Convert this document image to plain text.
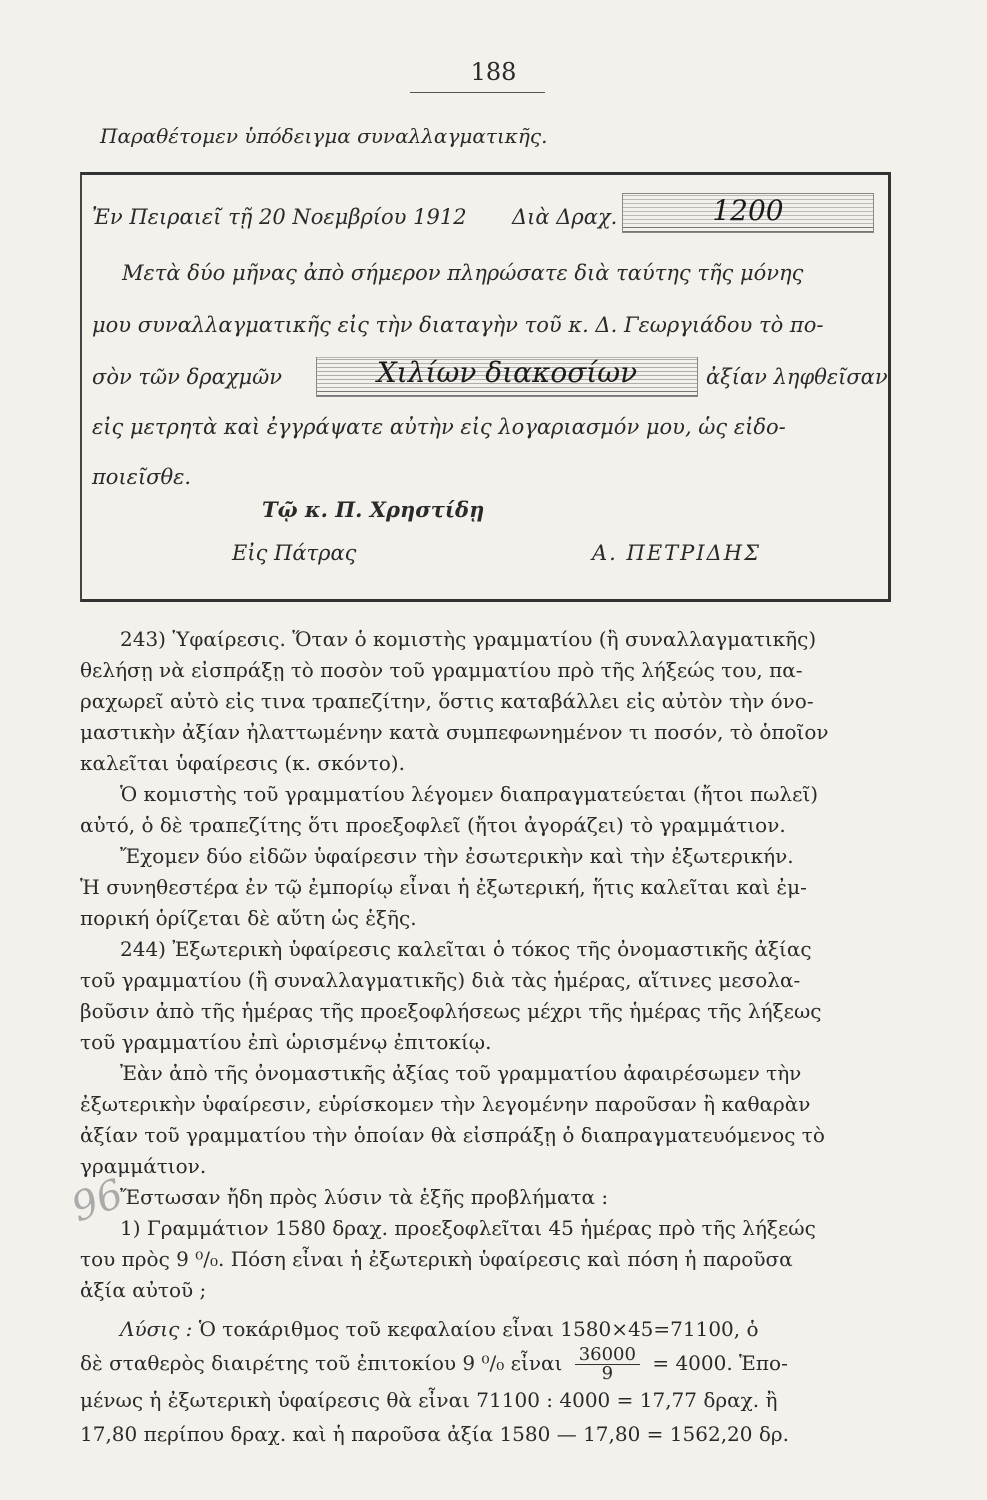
188
Παραθέτομεν ὑπόδειγμα συναλλαγματικῆς.
Ἐν Πειραιεῖ τῇ 20 Νοεμβρίου 1912 Διὰ Δραχ.	1200
Μετὰ δύο μῆνας ἀπὸ σήμερον πληρώσατε διὰ ταύτης τῆς μόνης
μου συναλλαγματικῆς εἰς τὴν διαταγὴν τοῦ κ. Δ. Γεωργιάδου τὸ πο-
σὸν τῶν δραχμῶν	Χιλίων διακοσίων	ἀξίαν ληφθεῖσαν
εἰς μετρητὰ καὶ ἐγγράψατε αὐτὴν εἰς λογαριασμόν μου, ὡς εἰδο-
ποιεῖσθε.
Τῷ κ. Π. Χρηστίδῃ
Εἰς Πάτρας	Α. ΠΕΤΡΙΔΗΣ

243) Ὑφαίρεσις. Ὅταν ὁ κομιστὴς γραμματίου (ἢ συναλλαγματικῆς)

θελήσῃ νὰ εἰσπράξῃ τὸ ποσὸν τοῦ γραμματίου πρὸ τῆς λήξεώς του, πα-

ραχωρεῖ αὐτὸ εἰς τινα τραπεζίτην, ὅστις καταβάλλει εἰς αὐτὸν τὴν όνο-

μαστικὴν ἀξίαν ἠλαττωμένην κατὰ συμπεφωνημένον τι ποσόν, τὸ ὁποῖον

καλεῖται ὑφαίρεσις (κ. σκόντο).

Ὁ κομιστὴς τοῦ γραμματίου λέγομεν διαπραγματεύεται (ἤτοι πωλεῖ)

αὐτό, ὁ δὲ τραπεζίτης ὅτι προεξοφλεῖ (ἤτοι ἀγοράζει) τὸ γραμμάτιον.

Ἔχομεν δύο εἰδῶν ὑφαίρεσιν τὴν ἐσωτερικὴν καὶ τὴν ἐξωτερικήν.

Ἡ συνηθεστέρα ἐν τῷ ἐμπορίῳ εἶναι ἡ ἐξωτερική, ἥτις καλεῖται καὶ ἐμ-

πορική ὁρίζεται δὲ αὕτη ὡς ἑξῆς.

244) Ἐξωτερικὴ ὑφαίρεσις καλεῖται ὁ τόκος τῆς ὀνομαστικῆς ἀξίας

τοῦ γραμματίου (ἢ συναλλαγματικῆς) διὰ τὰς ἡμέρας, αἵτινες μεσολα-

βοῦσιν ἀπὸ τῆς ἡμέρας τῆς προεξοφλήσεως μέχρι τῆς ἡμέρας τῆς λήξεως

τοῦ γραμματίου ἐπὶ ὡρισμένῳ ἐπιτοκίῳ.

Ἐὰν ἀπὸ τῆς ὀνομαστικῆς ἀξίας τοῦ γραμματίου ἀφαιρέσωμεν τὴν

ἐξωτερικὴν ὑφαίρεσιν, εὑρίσκομεν τὴν λεγομένην παροῦσαν ἢ καθαρὰν

ἀξίαν τοῦ γραμματίου τὴν ὁποίαν θὰ εἰσπράξῃ ὁ διαπραγματευόμενος τὸ

γραμμάτιον.

Ἔστωσαν ἤδη πρὸς λύσιν τὰ ἑξῆς προβλήματα :

1) Γραμμάτιον 1580 δραχ. προεξοφλεῖται 45 ἡμέρας πρὸ τῆς λήξεώς

του πρὸς 9 ⁰/₀. Πόση εἶναι ἡ ἐξωτερικὴ ὑφαίρεσις καὶ πόση ἡ παροῦσα

ἀξία αὐτοῦ ;

96

Λύσις : Ὁ τοκάριθμος τοῦ κεφαλαίου εἶναι 1580×45=71100, ὁ

δὲ σταθερὸς διαιρέτης τοῦ ἐπιτοκίου 9 ⁰/₀ εἶναι $\frac{36000}{9} = 4000$. Ἑπο-

μένως ἡ ἐξωτερικὴ ὑφαίρεσις θὰ εἶναι 71100 : 4000 = 17,77 δραχ. ἢ

17,80 περίπου δραχ. καὶ ἡ παροῦσα ἀξία 1580 — 17,80 = 1562,20 δρ.
